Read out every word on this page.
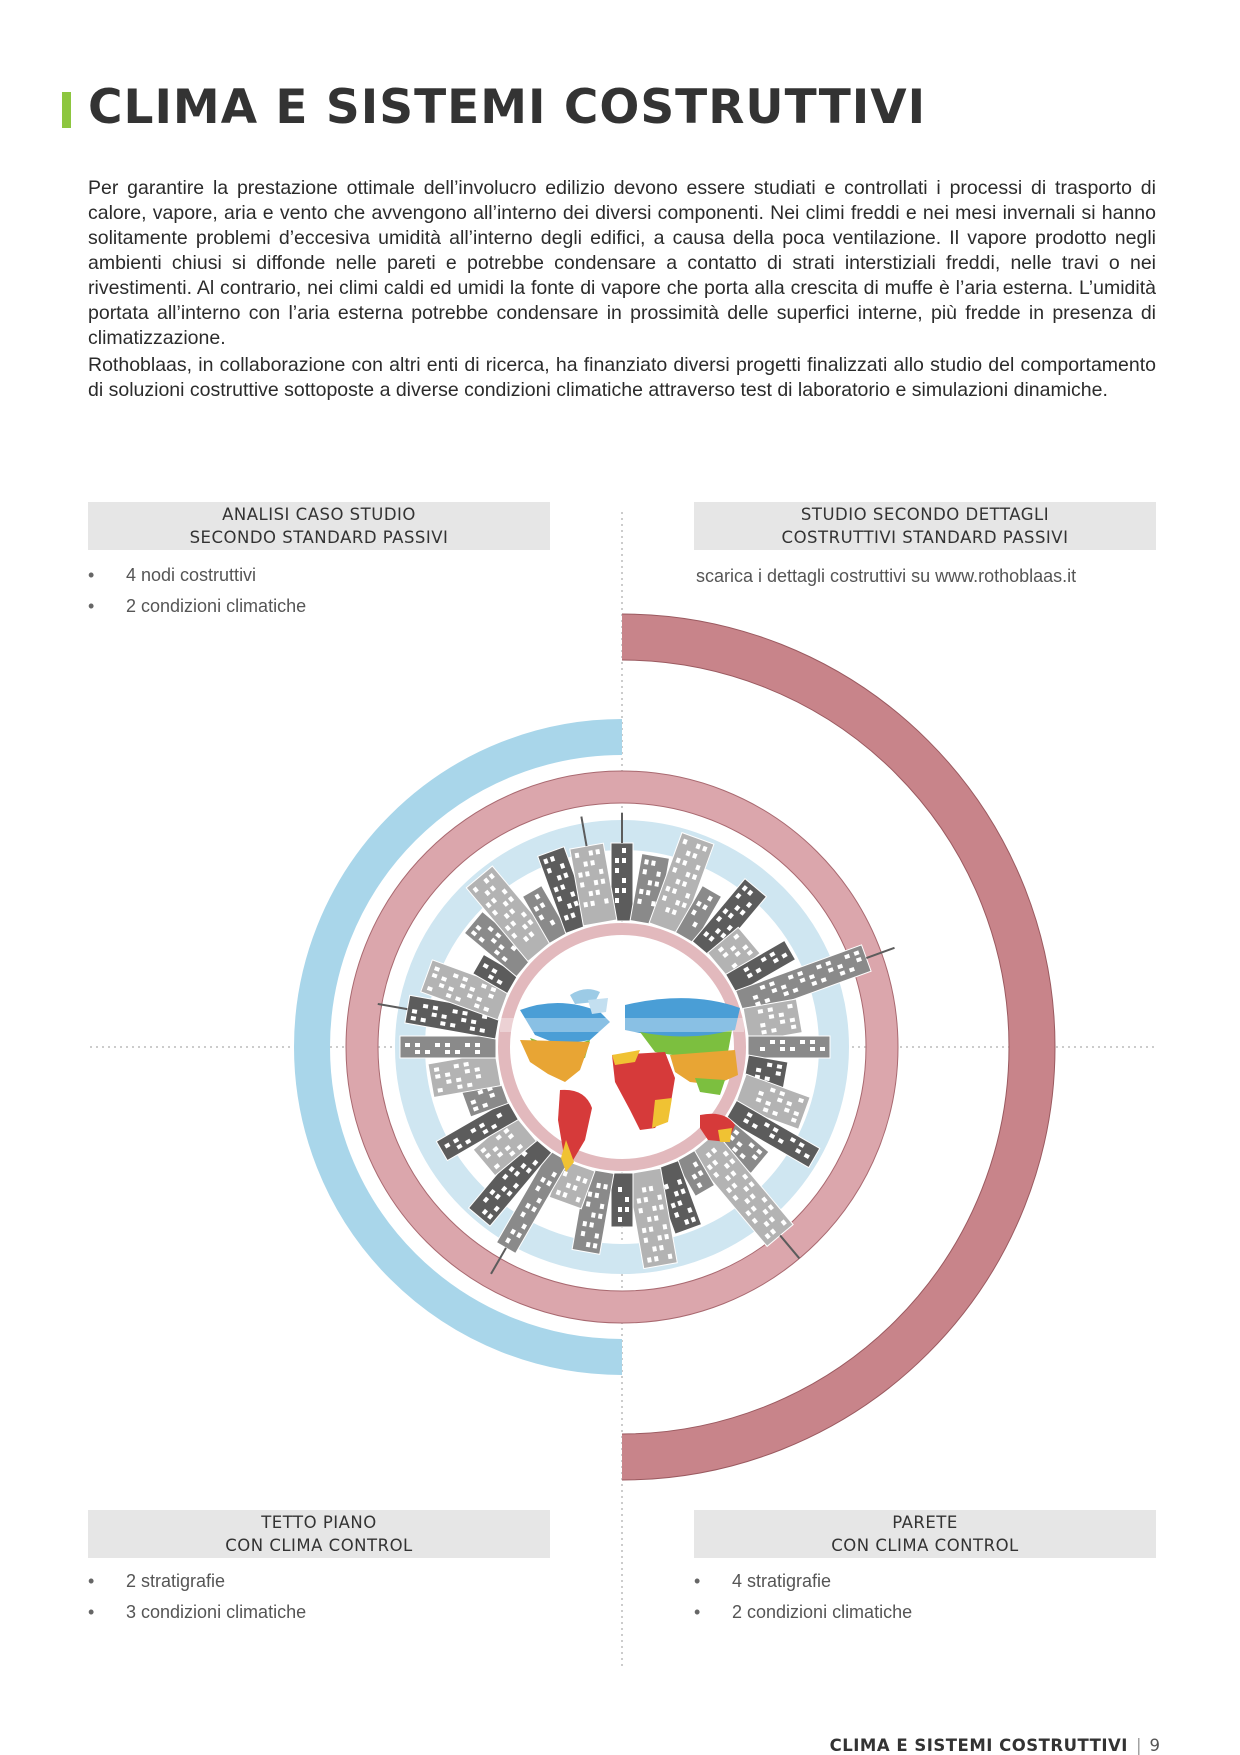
CLIMA E SISTEMI COSTRUTTIVI

Per garantire la prestazione ottimale dell’involucro edilizio devono essere studiati e controllati i processi di trasporto di calore, vapore, aria e vento che avvengono all’interno dei diversi componenti. Nei climi freddi e nei mesi invernali si hanno solitamente problemi d’eccesiva umidità all’interno degli edifici, a causa della poca ventilazione. Il vapore prodotto negli ambienti chiusi si diffonde nelle pareti e potrebbe condensare a contatto di strati interstiziali freddi, nelle travi o nei rivestimenti. Al contrario, nei climi caldi ed umidi la fonte di vapore che porta alla crescita di muffe è l’aria esterna. L’umidità portata all’interno con l’aria esterna potrebbe condensare in prossimità delle superfici interne, più fredde in presenza di climatizzazione.

Rothoblaas, in collaborazione con altri enti di ricerca, ha finanziato diversi progetti finalizzati allo studio del comportamento di soluzioni costruttive sottoposte a diverse condizioni climatiche attraverso test di laboratorio e simulazioni dinamiche.

ANALISI CASO STUDIO
SECONDO STANDARD PASSIVI
• 4 nodi costruttivi
• 2 condizioni climatiche
STUDIO SECONDO DETTAGLI
COSTRUTTIVI STANDARD PASSIVI
scarica i dettagli costruttivi su www.rothoblaas.it
TETTO PIANO
CON CLIMA CONTROL
• 2 stratigrafie
• 3 condizioni climatiche
PARETE
CON CLIMA CONTROL
• 4 stratigrafie
• 2 condizioni climatiche
CLIMA E SISTEMI COSTRUTTIVI | 9
